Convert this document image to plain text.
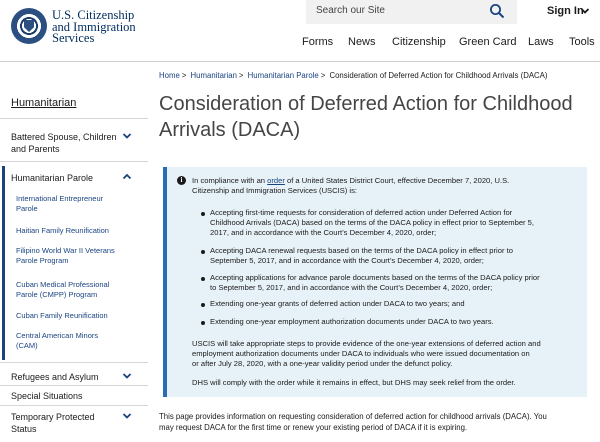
U.S. Citizenship
and Immigration
Services
Search our Site
Sign In
Forms News Citizenship Green Card Laws Tools
Humanitarian
Battered Spouse, Children
and Parents
Humanitarian Parole
International Entrepreneur
Parole
Haitian Family Reunification
Filipino World War II Veterans
Parole Program
Cuban Medical Professional
Parole (CMPP) Program
Cuban Family Reunification
Central American Minors
(CAM)
Refugees and Asylum
Special Situations
Temporary Protected
Status
Home > Humanitarian > Humanitarian Parole > Consideration of Deferred Action for Childhood Arrivals (DACA)
Consideration of Deferred Action for Childhood Arrivals (DACA)
i	In compliance with an order of a United States District Court, effective December 7, 2020, U.S.
Citizenship and Immigration Services (USCIS) is:
Accepting first-time requests for consideration of deferred action under Deferred Action for
Childhood Arrivals (DACA) based on the terms of the DACA policy in effect prior to September 5,
2017, and in accordance with the Court’s December 4, 2020, order;
Accepting DACA renewal requests based on the terms of the DACA policy in effect prior to
September 5, 2017, and in accordance with the Court’s December 4, 2020, order;
Accepting applications for advance parole documents based on the terms of the DACA policy prior
to September 5, 2017, and in accordance with the Court’s December 4, 2020, order;
Extending one-year grants of deferred action under DACA to two years; and
Extending one-year employment authorization documents under DACA to two years.
USCIS will take appropriate steps to provide evidence of the one-year extensions of deferred action and
employment authorization documents under DACA to individuals who were issued documentation on
or after July 28, 2020, with a one-year validity period under the defunct policy.
DHS will comply with the order while it remains in effect, but DHS may seek relief from the order.
This page provides information on requesting consideration of deferred action for childhood arrivals (DACA). You
may request DACA for the first time or renew your existing period of DACA if it is expiring.
